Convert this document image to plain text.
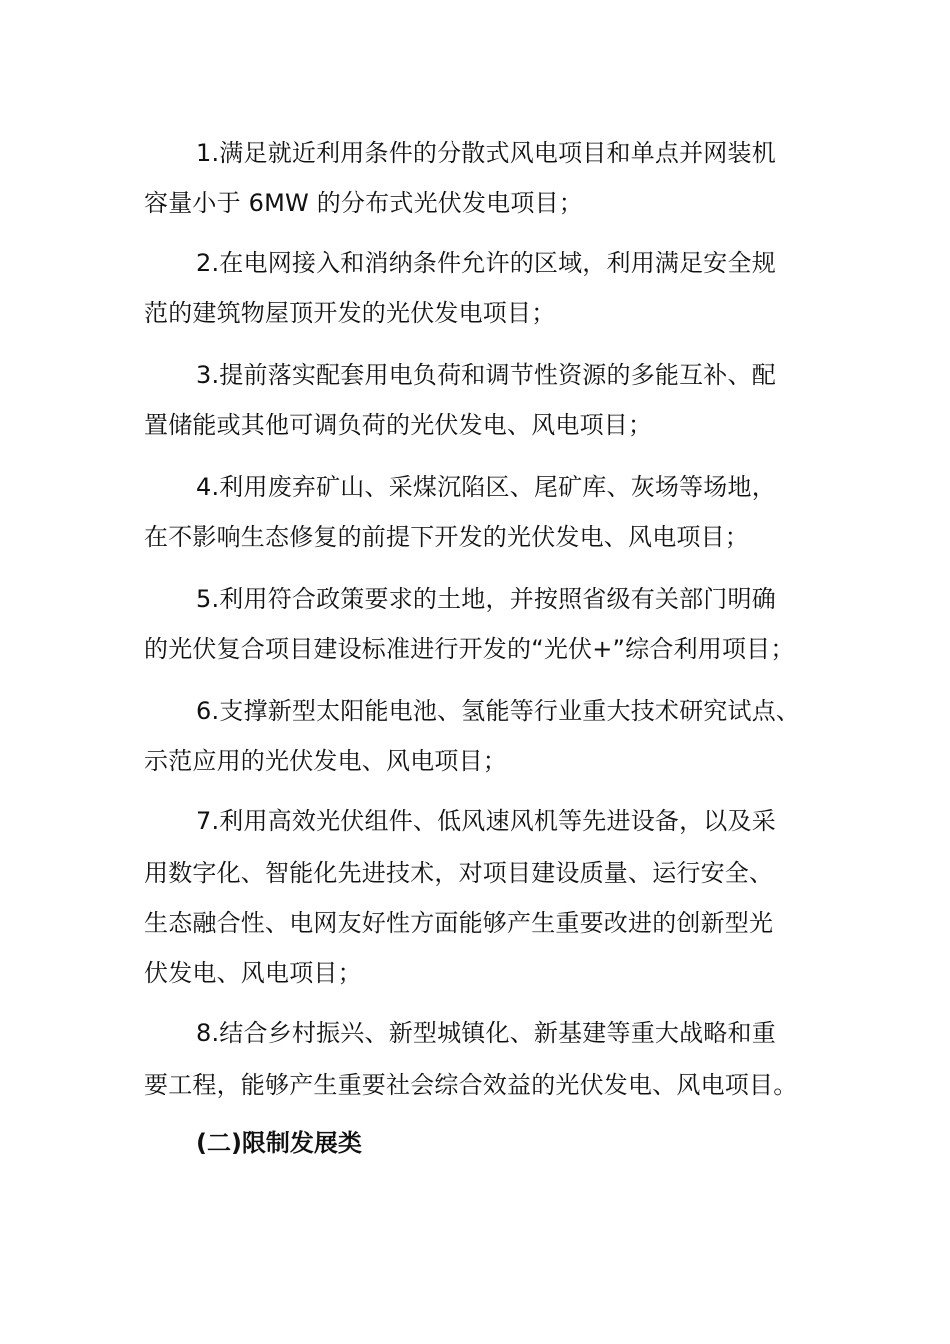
1.满足就近利用条件的分散式风电项目和单点并网装机
容量小于 6MW 的分布式光伏发电项目；
2.在电网接入和消纳条件允许的区域，利用满足安全规
范的建筑物屋顶开发的光伏发电项目；
3.提前落实配套用电负荷和调节性资源的多能互补、配
置储能或其他可调负荷的光伏发电、风电项目；
4.利用废弃矿山、采煤沉陷区、尾矿库、灰场等场地，
在不影响生态修复的前提下开发的光伏发电、风电项目；
5.利用符合政策要求的土地，并按照省级有关部门明确
的光伏复合项目建设标准进行开发的“光伏+”综合利用项目；
6.支撑新型太阳能电池、氢能等行业重大技术研究试点、
示范应用的光伏发电、风电项目；
7.利用高效光伏组件、低风速风机等先进设备，以及采
用数字化、智能化先进技术，对项目建设质量、运行安全、
生态融合性、电网友好性方面能够产生重要改进的创新型光
伏发电、风电项目；
8.结合乡村振兴、新型城镇化、新基建等重大战略和重
要工程，能够产生重要社会综合效益的光伏发电、风电项目。
(二)限制发展类
